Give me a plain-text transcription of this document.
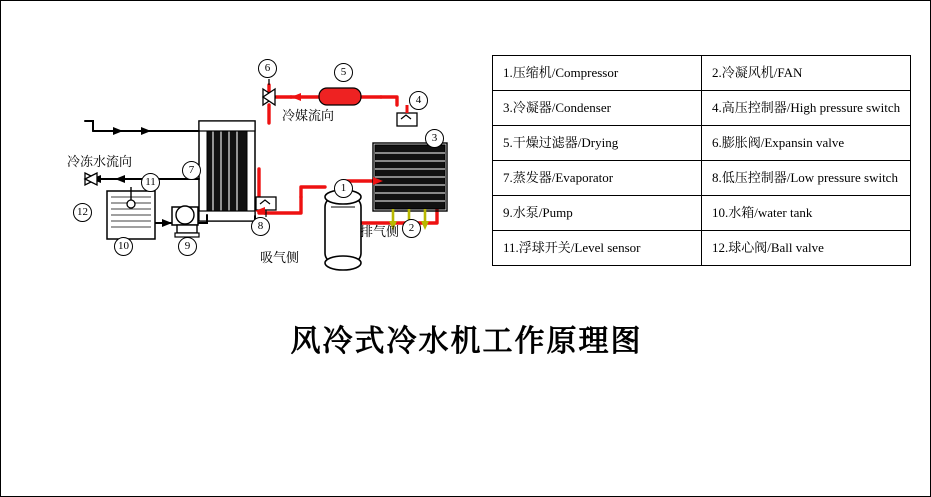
1
2
3
4
5
6
7
8
9
10
11
12
冷媒流向
冷冻水流向
排气侧
吸气侧
1.压缩机/Compressor	2.冷凝风机/FAN
3.冷凝器/Condenser	4.高压控制器/High pressure switch
5.干燥过滤器/Drying	6.膨胀阀/Expansin valve
7.蒸发器/Evaporator	8.低压控制器/Low pressure switch
9.水泵/Pump	10.水箱/water tank
11.浮球开关/Level sensor	12.球心阀/Ball valve
风冷式冷水机工作原理图
